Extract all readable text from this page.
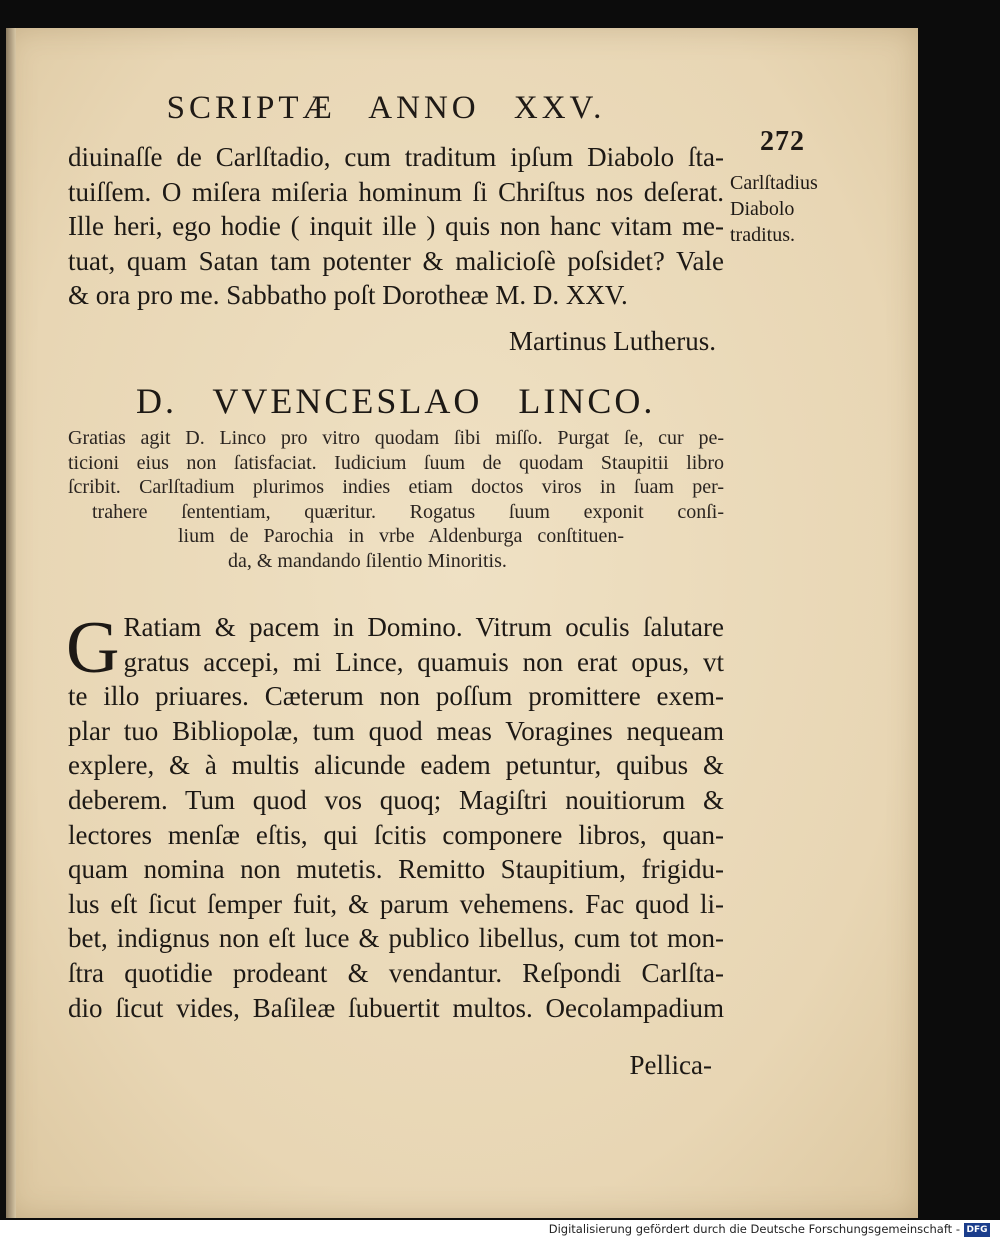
SCRIPTÆ ANNO XXV.
272
Carlſtadius
Diabolo
traditus.
diuinaſſe de Carlſtadio, cum traditum ipſum Diabolo ſta-
tuiſſem. O miſera miſeria hominum ſi Chriſtus nos deſerat.
Ille heri, ego hodie ( inquit ille ) quis non hanc vitam me-
tuat, quam Satan tam potenter & malicioſè poſsidet? Vale
& ora pro me. Sabbatho poſt Dorotheæ M. D. XXV.
Martinus Lutherus.
D. VVENCESLAO LINCO.
Gratias agit D. Linco pro vitro quodam ſibi miſſo. Purgat ſe, cur pe-
ticioni eius non ſatisfaciat. Iudicium ſuum de quodam Staupitii libro
ſcribit. Carlſtadium plurimos indies etiam doctos viros in ſuam per-
trahere ſententiam, quæritur. Rogatus ſuum exponit conſi-
lium de Parochia in vrbe Aldenburga conſtituen-
da, & mandando ſilentio Minoritis.
G Ratiam & pacem in Domino. Vitrum oculis ſalutare
gratus accepi, mi Lince, quamuis non erat opus, vt
te illo priuares. Cæterum non poſſum promittere exem-
plar tuo Bibliopolæ, tum quod meas Voragines nequeam
explere, & à multis alicunde eadem petuntur, quibus &
deberem. Tum quod vos quoq; Magiſtri nouitiorum &
lectores menſæ eſtis, qui ſcitis componere libros, quan-
quam nomina non mutetis. Remitto Staupitium, frigidu-
lus eſt ſicut ſemper fuit, & parum vehemens. Fac quod li-
bet, indignus non eſt luce & publico libellus, cum tot mon-
ſtra quotidie prodeant & vendantur. Reſpondi Carlſta-
dio ſicut vides, Baſileæ ſubuertit multos. Oecolampadium
Pellica-
Digitalisierung gefördert durch die Deutsche Forschungsgemeinschaft - DFG
